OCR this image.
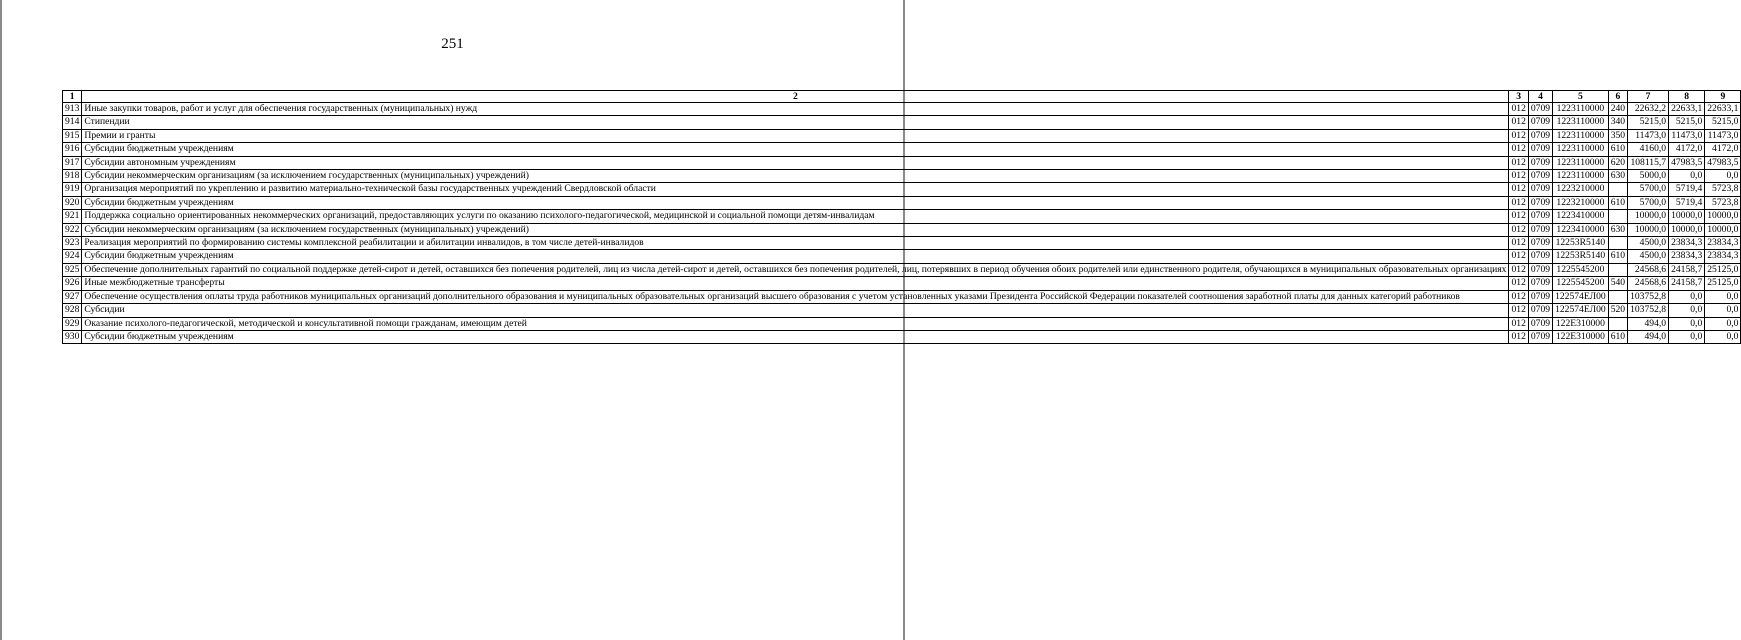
251
1	2	3	4	5	6	7	8	9
913	Иные закупки товаров, работ и услуг для обеспечения государственных (муниципальных) нужд	012	0709	1223110000	240	22632,2	22633,1	22633,1
914	Стипендии	012	0709	1223110000	340	5215,0	5215,0	5215,0
915	Премии и гранты	012	0709	1223110000	350	11473,0	11473,0	11473,0
916	Субсидии бюджетным учреждениям	012	0709	1223110000	610	4160,0	4172,0	4172,0
917	Субсидии автономным учреждениям	012	0709	1223110000	620	108115,7	47983,5	47983,5
918	Субсидии некоммерческим организациям (за исключением государственных (муниципальных) учреждений)	012	0709	1223110000	630	5000,0	0,0	0,0
919	Организация мероприятий по укреплению и развитию материально-технической базы государственных учреждений Свердловской области	012	0709	1223210000		5700,0	5719,4	5723,8
920	Субсидии бюджетным учреждениям	012	0709	1223210000	610	5700,0	5719,4	5723,8
921	Поддержка социально ориентированных некоммерческих организаций, предоставляющих услуги по оказанию психолого-педагогической, медицинской и социальной помощи детям-инвалидам	012	0709	1223410000		10000,0	10000,0	10000,0
922	Субсидии некоммерческим организациям (за исключением государственных (муниципальных) учреждений)	012	0709	1223410000	630	10000,0	10000,0	10000,0
923	Реализация мероприятий по формированию системы комплексной реабилитации и абилитации инвалидов, в том числе детей-инвалидов	012	0709	12253R5140		4500,0	23834,3	23834,3
924	Субсидии бюджетным учреждениям	012	0709	12253R5140	610	4500,0	23834,3	23834,3
925	Обеспечение дополнительных гарантий по социальной поддержке детей-сирот и детей, оставшихся без попечения родителей, лиц из числа детей-сирот и детей, оставшихся без попечения родителей, лиц, потерявших в период обучения обоих родителей или единственного родителя, обучающихся в муниципальных образовательных организациях	012	0709	1225545200		24568,6	24158,7	25125,0
926	Иные межбюджетные трансферты	012	0709	1225545200	540	24568,6	24158,7	25125,0
927	Обеспечение осуществления оплаты труда работников муниципальных организаций дополнительного образования и муниципальных образовательных организаций высшего образования с учетом установленных указами Президента Российской Федерации показателей соотношения заработной платы для данных категорий работников	012	0709	122574ЕЛ00		103752,8	0,0	0,0
928	Субсидии	012	0709	122574ЕЛ00	520	103752,8	0,0	0,0
929	Оказание психолого-педагогической, методической и консультативной помощи гражданам, имеющим детей	012	0709	122E310000		494,0	0,0	0,0
930	Субсидии бюджетным учреждениям	012	0709	122E310000	610	494,0	0,0	0,0
